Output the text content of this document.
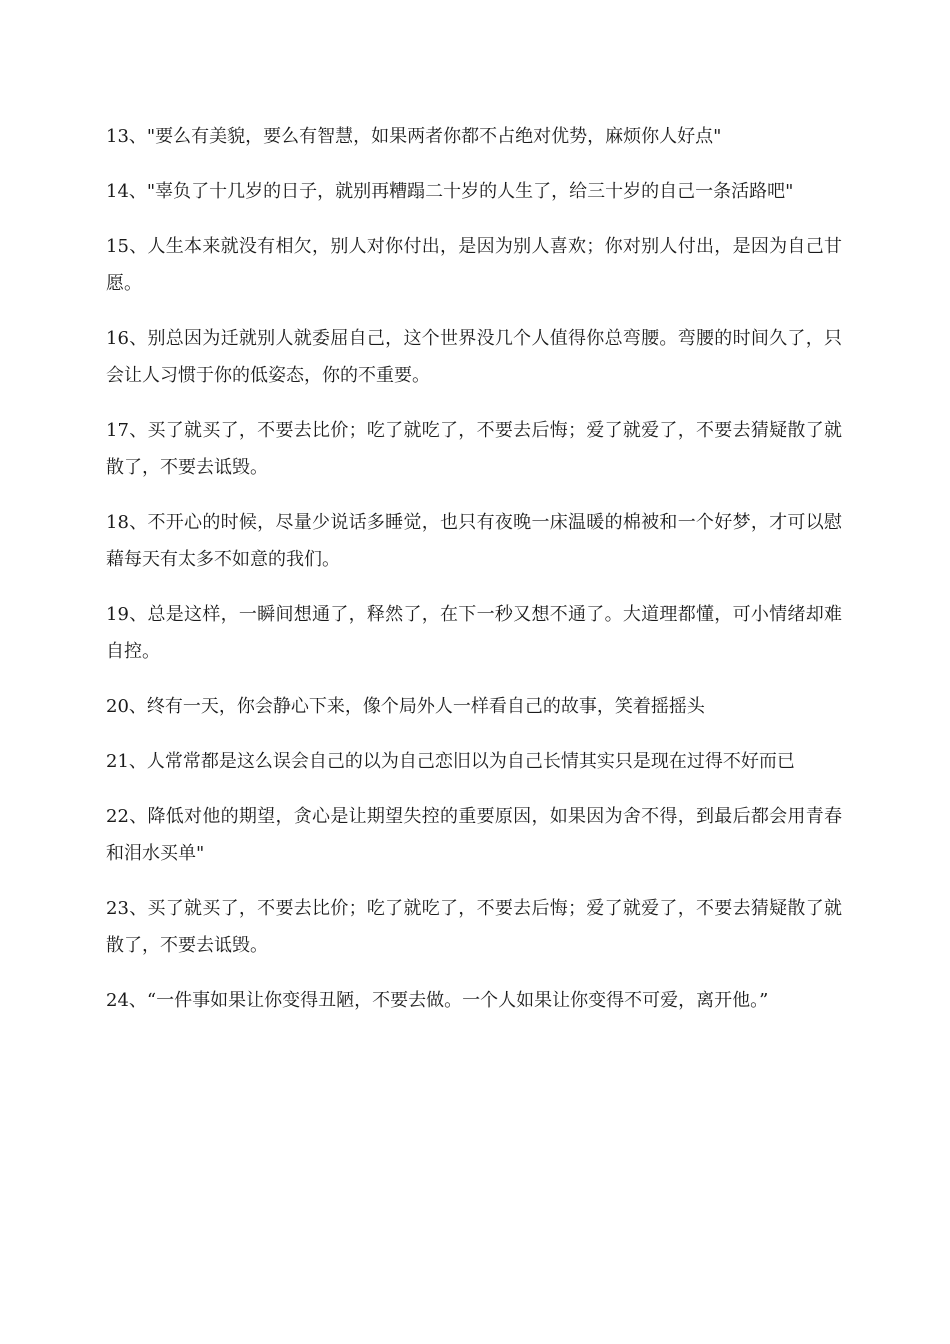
13、"要么有美貌，要么有智慧，如果两者你都不占绝对优势，麻烦你人好点"

14、"辜负了十几岁的日子，就别再糟蹋二十岁的人生了，给三十岁的自己一条活路吧"

15、人生本来就没有相欠，别人对你付出，是因为别人喜欢；你对别人付出，是因为自己甘愿。

16、别总因为迁就别人就委屈自己，这个世界没几个人值得你总弯腰。弯腰的时间久了，只会让人习惯于你的低姿态，你的不重要。

17、买了就买了，不要去比价；吃了就吃了，不要去后悔；爱了就爱了，不要去猜疑散了就散了，不要去诋毁。

18、不开心的时候，尽量少说话多睡觉，也只有夜晚一床温暖的棉被和一个好梦，才可以慰藉每天有太多不如意的我们。

19、总是这样，一瞬间想通了，释然了，在下一秒又想不通了。大道理都懂，可小情绪却难自控。

20、终有一天，你会静心下来，像个局外人一样看自己的故事，笑着摇摇头

21、人常常都是这么误会自己的以为自己恋旧以为自己长情其实只是现在过得不好而已

22、降低对他的期望，贪心是让期望失控的重要原因，如果因为舍不得，到最后都会用青春和泪水买单"

23、买了就买了，不要去比价；吃了就吃了，不要去后悔；爱了就爱了，不要去猜疑散了就散了，不要去诋毁。

24、“一件事如果让你变得丑陋，不要去做。一个人如果让你变得不可爱，离开他。”
